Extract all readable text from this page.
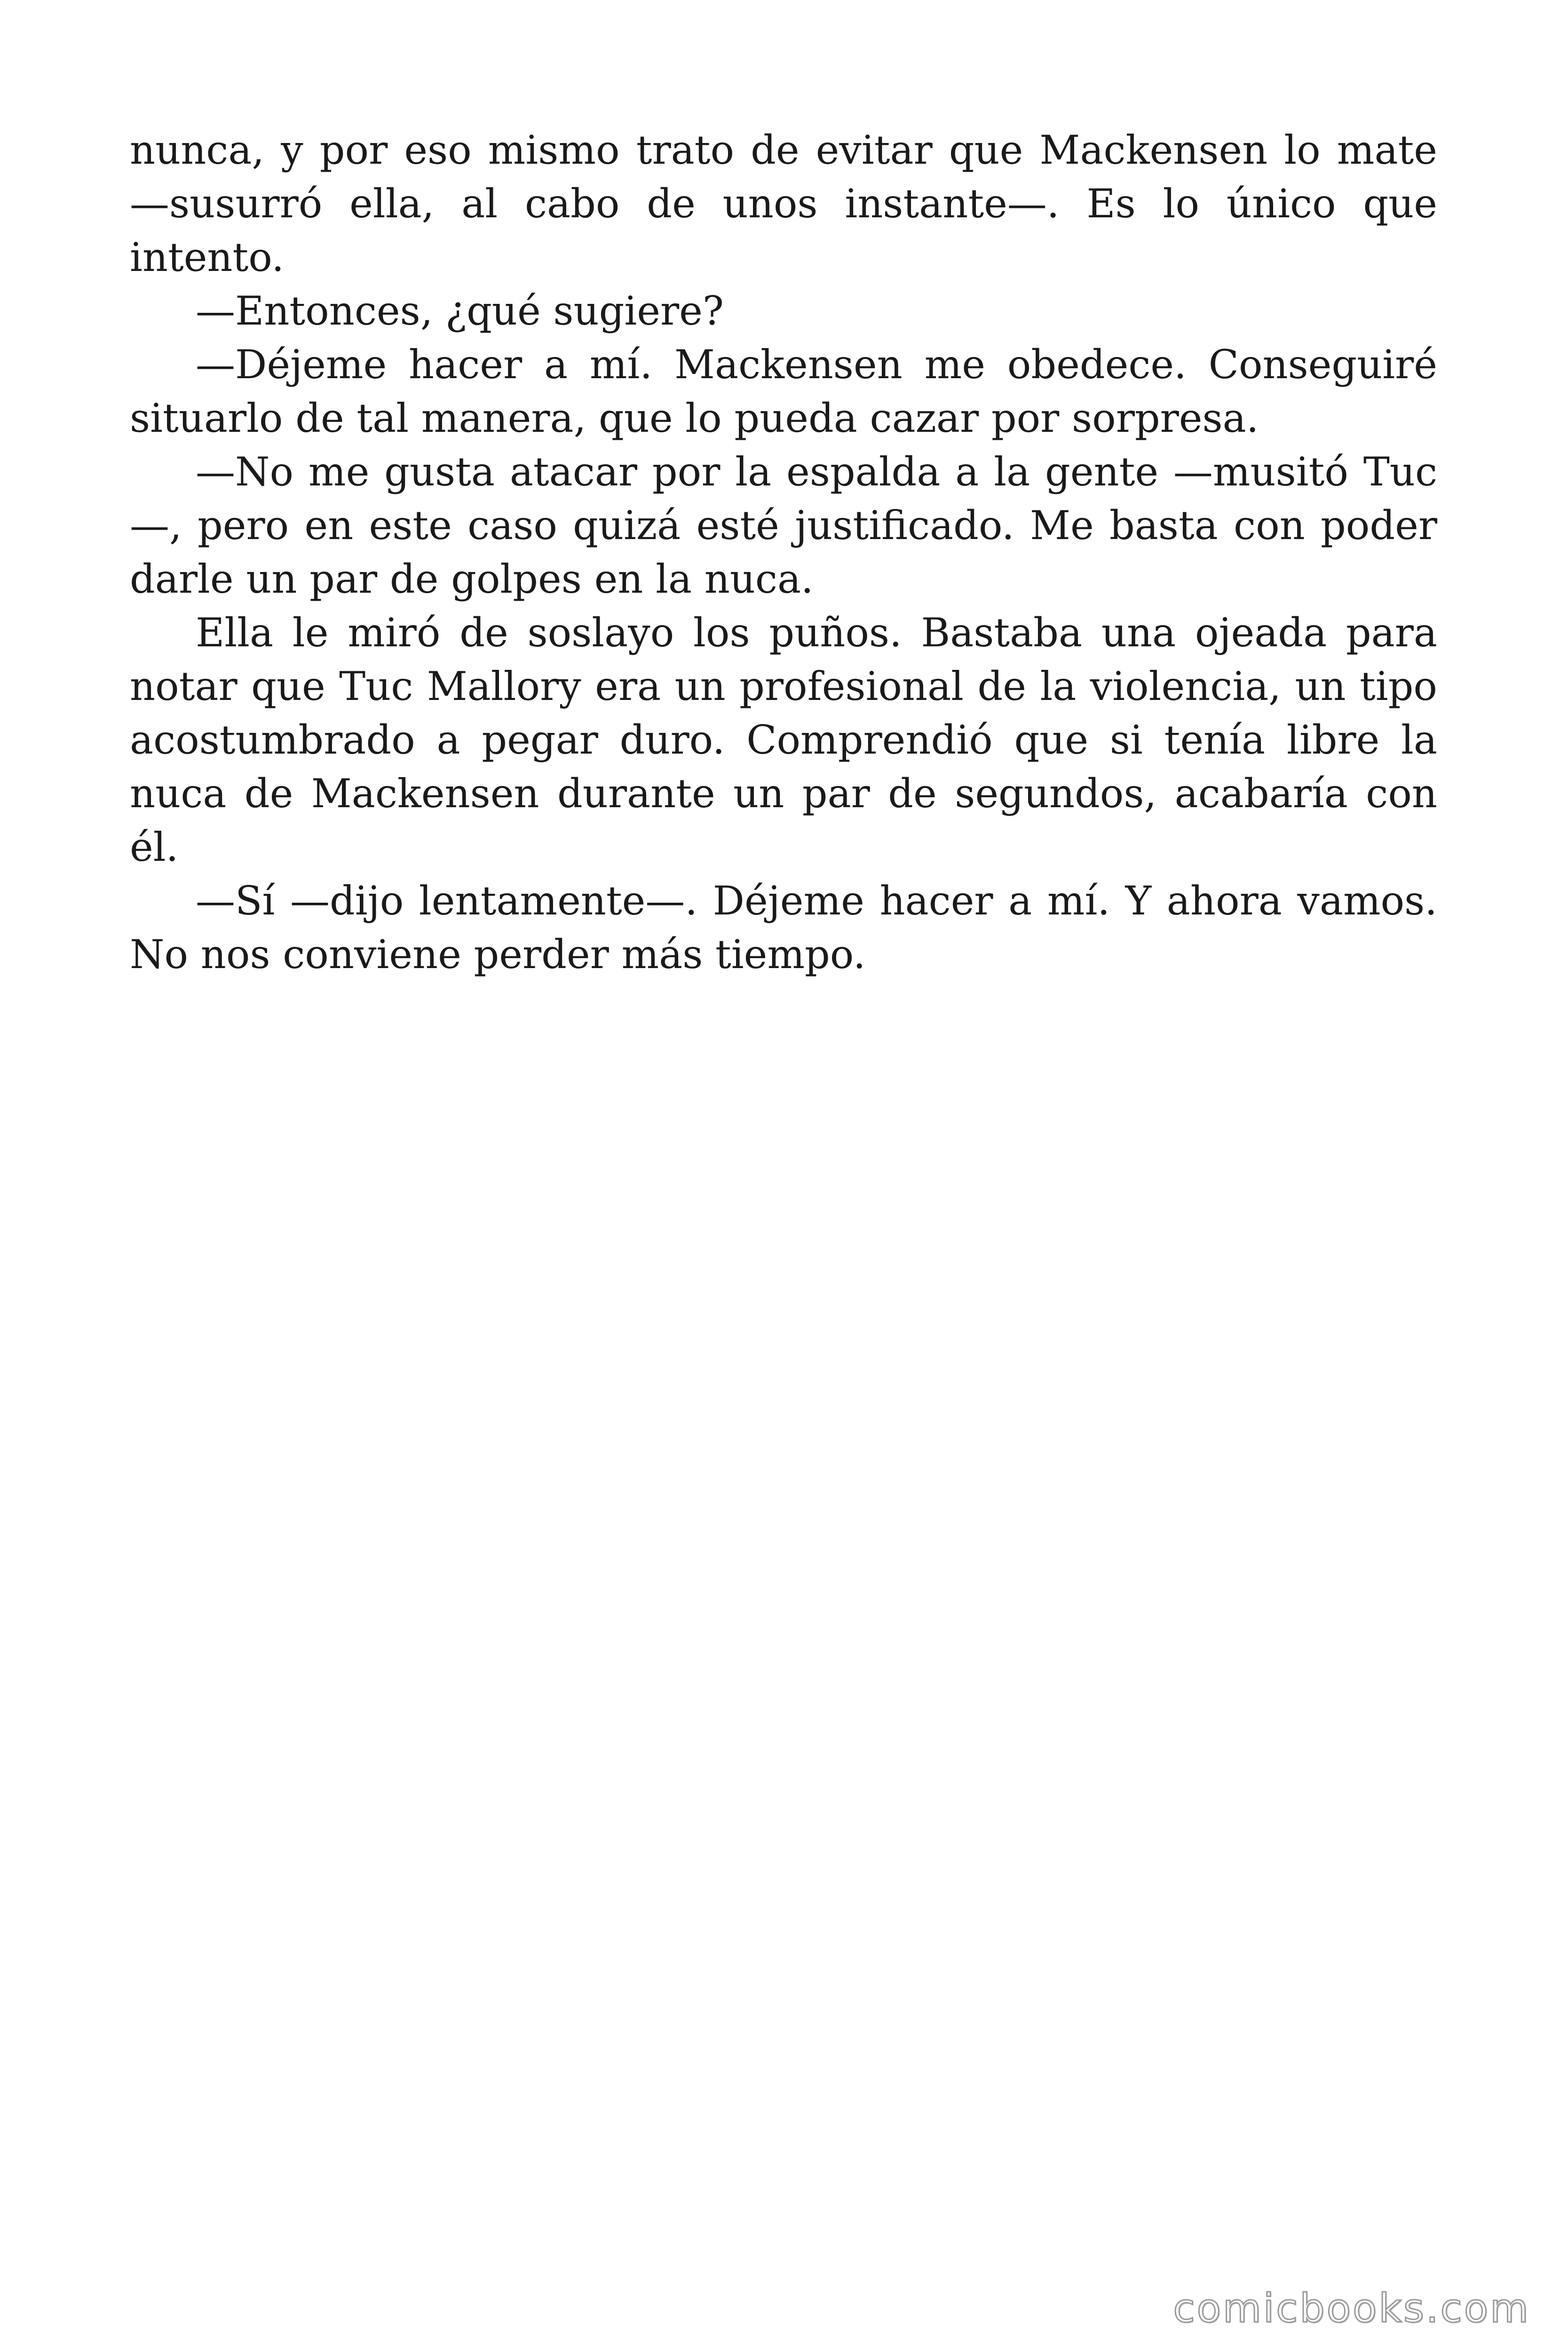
nunca, y por eso mismo trato de evitar que Mackensen lo mate —susurró ella, al cabo de unos instante—. Es lo único que intento.

—Entonces, ¿qué sugiere?

—Déjeme hacer a mí. Mackensen me obedece. Conseguiré situarlo de tal manera, que lo pueda cazar por sorpresa.

—No me gusta atacar por la espalda a la gente —musitó Tuc—, pero en este caso quizá esté justificado. Me basta con poder darle un par de golpes en la nuca.

Ella le miró de soslayo los puños. Bastaba una ojeada para notar que Tuc Mallory era un profesional de la violencia, un tipo acostumbrado a pegar duro. Comprendió que si tenía libre la nuca de Mackensen durante un par de segundos, acabaría con él.

—Sí —dijo lentamente—. Déjeme hacer a mí. Y ahora vamos. No nos conviene perder más tiempo.

comicbooks.com
